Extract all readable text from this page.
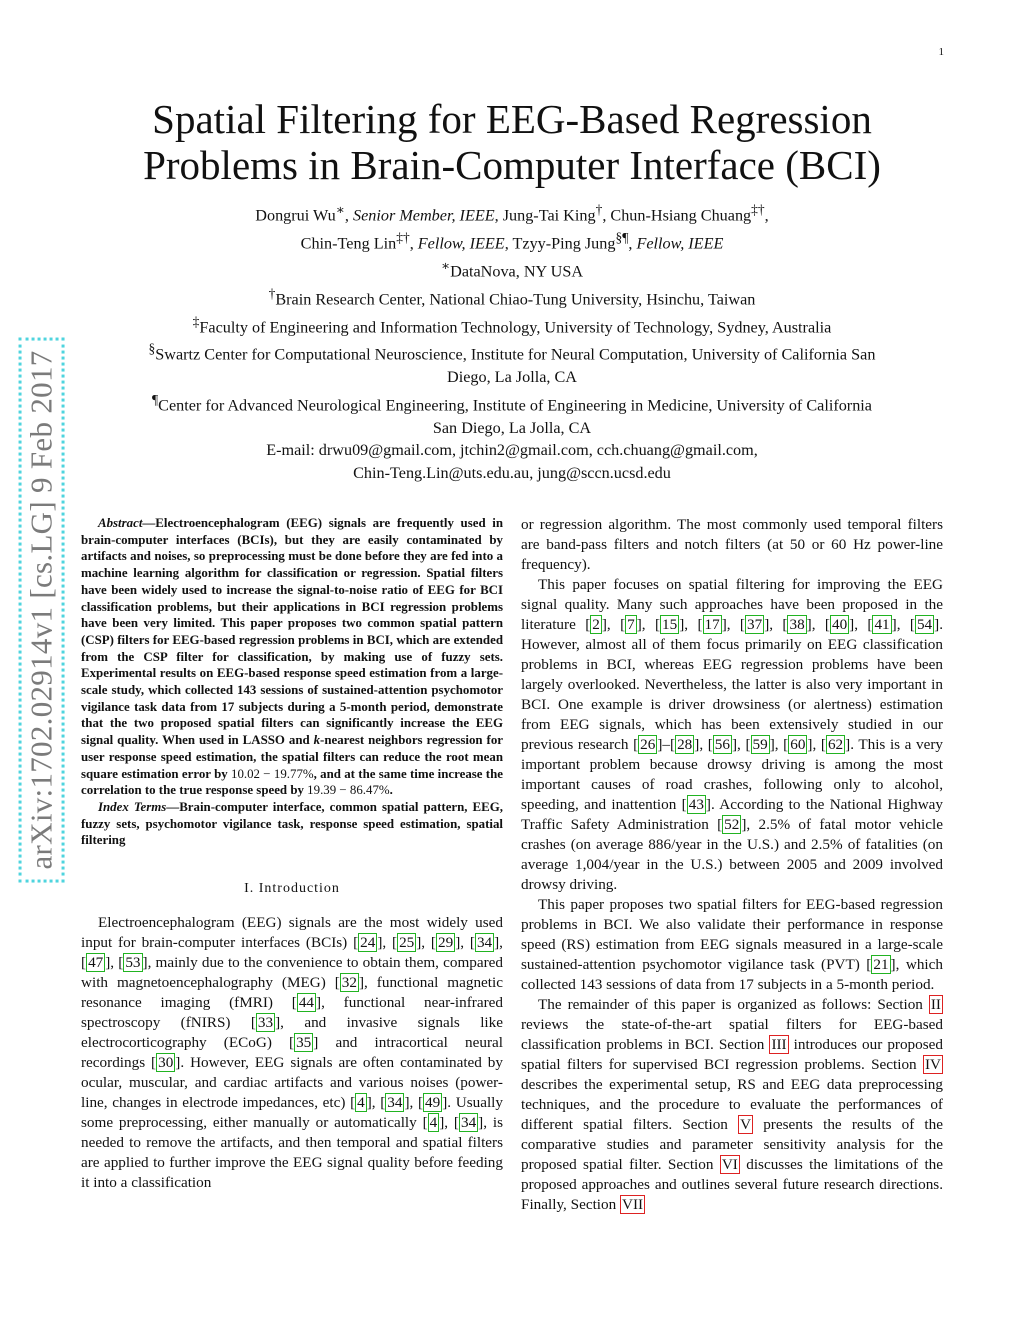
1
arXiv:1702.02914v1 [cs.LG] 9 Feb 2017
Spatial Filtering for EEG-Based Regression
Problems in Brain-Computer Interface (BCI)

Dongrui Wu∗, Senior Member, IEEE, Jung-Tai King†, Chun-Hsiang Chuang‡†,

Chin-Teng Lin‡†, Fellow, IEEE, Tzyy-Ping Jung§¶, Fellow, IEEE

∗DataNova, NY USA

†Brain Research Center, National Chiao-Tung University, Hsinchu, Taiwan

‡Faculty of Engineering and Information Technology, University of Technology, Sydney, Australia

§Swartz Center for Computational Neuroscience, Institute for Neural Computation, University of California San

Diego, La Jolla, CA

¶Center for Advanced Neurological Engineering, Institute of Engineering in Medicine, University of California

San Diego, La Jolla, CA

E-mail: drwu09@gmail.com, jtchin2@gmail.com, cch.chuang@gmail.com,

Chin-Teng.Lin@uts.edu.au, jung@sccn.ucsd.edu

Abstract—Electroencephalogram (EEG) signals are frequently used in brain-computer interfaces (BCIs), but they are easily contaminated by artifacts and noises, so preprocessing must be done before they are fed into a machine learning algorithm for classification or regression. Spatial filters have been widely used to increase the signal-to-noise ratio of EEG for BCI classification problems, but their applications in BCI regression problems have been very limited. This paper proposes two common spatial pattern (CSP) filters for EEG-based regression problems in BCI, which are extended from the CSP filter for classification, by making use of fuzzy sets. Experimental results on EEG-based response speed estimation from a large-scale study, which collected 143 sessions of sustained-attention psychomotor vigilance task data from 17 subjects during a 5-month period, demonstrate that the two proposed spatial filters can significantly increase the EEG signal quality. When used in LASSO and k-nearest neighbors regression for user response speed estimation, the spatial filters can reduce the root mean square estimation error by 10.02 − 19.77%, and at the same time increase the correlation to the true response speed by 19.39 − 86.47%.

Index Terms—Brain-computer interface, common spatial pattern, EEG, fuzzy sets, psychomotor vigilance task, response speed estimation, spatial filtering

I. Introduction

Electroencephalogram (EEG) signals are the most widely used input for brain-computer interfaces (BCIs) [ 24 ], [ 25 ], [ 29 ], [ 34 ], [ 47 ], [ 53 ], mainly due to the convenience to obtain them, compared with magnetoencephalography (MEG) [ 32 ], functional magnetic resonance imaging (fMRI) [ 44 ], functional near-infrared spectroscopy (fNIRS) [ 33 ], and invasive signals like electrocorticography (ECoG) [ 35 ] and intracortical neural recordings [ 30 ]. However, EEG signals are often contaminated by ocular, muscular, and cardiac artifacts and various noises (power-line, changes in electrode impedances, etc) [ 4 ], [ 34 ], [ 49 ]. Usually some preprocessing, either manually or automatically [ 4 ], [ 34 ], is needed to remove the artifacts, and then temporal and spatial filters are applied to further improve the EEG signal quality before feeding it into a classification

or regression algorithm. The most commonly used temporal filters are band-pass filters and notch filters (at 50 or 60 Hz power-line frequency).

This paper focuses on spatial filtering for improving the EEG signal quality. Many such approaches have been proposed in the literature [ 2 ], [ 7 ], [ 15 ], [ 17 ], [ 37 ], [ 38 ], [ 40 ], [ 41 ], [ 54 ]. However, almost all of them focus primarily on EEG classification problems in BCI, whereas EEG regression problems have been largely overlooked. Nevertheless, the latter is also very important in BCI. One example is driver drowsiness (or alertness) estimation from EEG signals, which has been extensively studied in our previous research [ 26 ]–[ 28 ], [ 56 ], [ 59 ], [ 60 ], [ 62 ]. This is a very important problem because drowsy driving is among the most important causes of road crashes, following only to alcohol, speeding, and inattention [ 43 ]. According to the National Highway Traffic Safety Administration [ 52 ], 2.5% of fatal motor vehicle crashes (on average 886/year in the U.S.) and 2.5% of fatalities (on average 1,004/year in the U.S.) between 2005 and 2009 involved drowsy driving.

This paper proposes two spatial filters for EEG-based regression problems in BCI. We also validate their performance in response speed (RS) estimation from EEG signals measured in a large-scale sustained-attention psychomotor vigilance task (PVT) [ 21 ], which collected 143 sessions of data from 17 subjects in a 5-month period.

The remainder of this paper is organized as follows: Section II reviews the state-of-the-art spatial filters for EEG-based classification problems in BCI. Section III introduces our proposed spatial filters for supervised BCI regression problems. Section IV describes the experimental setup, RS and EEG data preprocessing techniques, and the procedure to evaluate the performances of different spatial filters. Section V presents the results of the comparative studies and parameter sensitivity analysis for the proposed spatial filter. Section VI discusses the limitations of the proposed approaches and outlines several future research directions. Finally, Section VII
